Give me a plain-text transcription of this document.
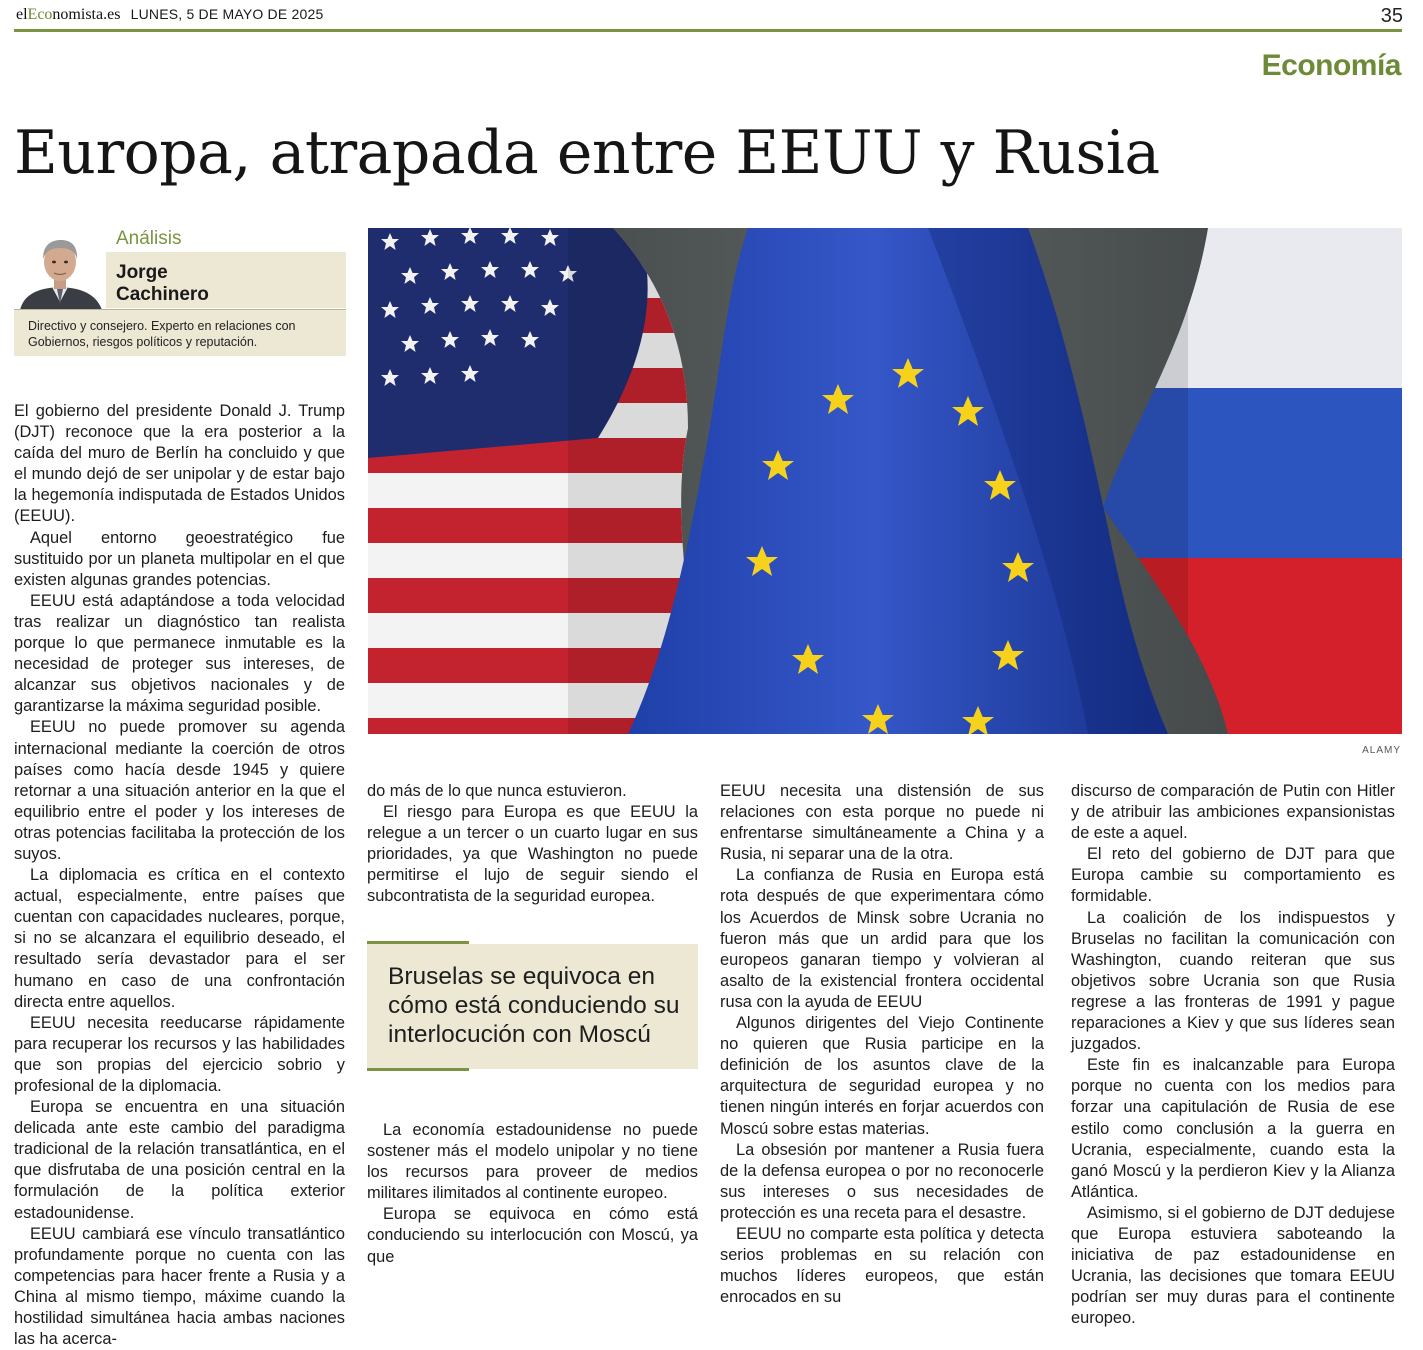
elEconomista.es LUNES, 5 DE MAYO DE 2025	35
Economía
Europa, atrapada entre EEUU y Rusia
Análisis
Jorge
Cachinero
Directivo y consejero. Experto en relaciones con Gobiernos, riesgos políticos y reputación.
ALAMY

El gobierno del presidente Donald J. Trump (DJT) reconoce que la era posterior a la caída del muro de Berlín ha concluido y que el mundo dejó de ser unipolar y de estar bajo la hegemonía indisputada de Estados Unidos (EEUU).

Aquel entorno geoestratégico fue sustituido por un planeta multipolar en el que existen algunas grandes potencias.

EEUU está adaptándose a toda velocidad tras realizar un diagnóstico tan realista porque lo que permanece inmutable es la necesidad de proteger sus intereses, de alcanzar sus objetivos nacionales y de garantizarse la máxima seguridad posible.

EEUU no puede promover su agenda internacional mediante la coerción de otros países como hacía desde 1945 y quiere retornar a una situación anterior en la que el equilibrio entre el poder y los intereses de otras potencias facilitaba la protección de los suyos.

La diplomacia es crítica en el contexto actual, especialmente, entre países que cuentan con capacidades nucleares, porque, si no se alcanzara el equilibrio deseado, el resultado sería devastador para el ser humano en caso de una confrontación directa entre aquellos.

EEUU necesita reeducarse rápidamente para recuperar los recursos y las habilidades que son propias del ejercicio sobrio y profesional de la diplomacia.

Europa se encuentra en una situación delicada ante este cambio del paradigma tradicional de la relación transatlántica, en el que disfrutaba de una posición central en la formulación de la política exterior estadounidense.

EEUU cambiará ese vínculo transatlántico profundamente porque no cuenta con las competencias para hacer frente a Rusia y a China al mismo tiempo, máxime cuando la hostilidad simultánea hacia ambas naciones las ha acerca-

do más de lo que nunca estuvieron.

El riesgo para Europa es que EEUU la relegue a un tercer o un cuarto lugar en sus prioridades, ya que Washington no puede permitirse el lujo de seguir siendo el subcontratista de la seguridad europea.

Bruselas se equivoca en cómo está conduciendo su interlocución con Moscú

La economía estadounidense no puede sostener más el modelo unipolar y no tiene los recursos para proveer de medios militares ilimitados al continente europeo.

Europa se equivoca en cómo está conduciendo su interlocución con Moscú, ya que

EEUU necesita una distensión de sus relaciones con esta porque no puede ni enfrentarse simultáneamente a China y a Rusia, ni separar una de la otra.

La confianza de Rusia en Europa está rota después de que experimentara cómo los Acuerdos de Minsk sobre Ucrania no fueron más que un ardid para que los europeos ganaran tiempo y volvieran al asalto de la existencial frontera occidental rusa con la ayuda de EEUU

Algunos dirigentes del Viejo Continente no quieren que Rusia participe en la definición de los asuntos clave de la arquitectura de seguridad europea y no tienen ningún interés en forjar acuerdos con Moscú sobre estas materias.

La obsesión por mantener a Rusia fuera de la defensa europea o por no reconocerle sus intereses o sus necesidades de protección es una receta para el desastre.

EEUU no comparte esta política y detecta serios problemas en su relación con muchos líderes europeos, que están enrocados en su

discurso de comparación de Putin con Hitler y de atribuir las ambiciones expansionistas de este a aquel.

El reto del gobierno de DJT para que Europa cambie su comportamiento es formidable.

La coalición de los indispuestos y Bruselas no facilitan la comunicación con Washington, cuando reiteran que sus objetivos sobre Ucrania son que Rusia regrese a las fronteras de 1991 y pague reparaciones a Kiev y que sus líderes sean juzgados.

Este fin es inalcanzable para Europa porque no cuenta con los medios para forzar una capitulación de Rusia de ese estilo como conclusión a la guerra en Ucrania, especialmente, cuando esta la ganó Moscú y la perdieron Kiev y la Alianza Atlántica.

Asimismo, si el gobierno de DJT dedujese que Europa estuviera saboteando la iniciativa de paz estadounidense en Ucrania, las decisiones que tomara EEUU podrían ser muy duras para el continente europeo.
